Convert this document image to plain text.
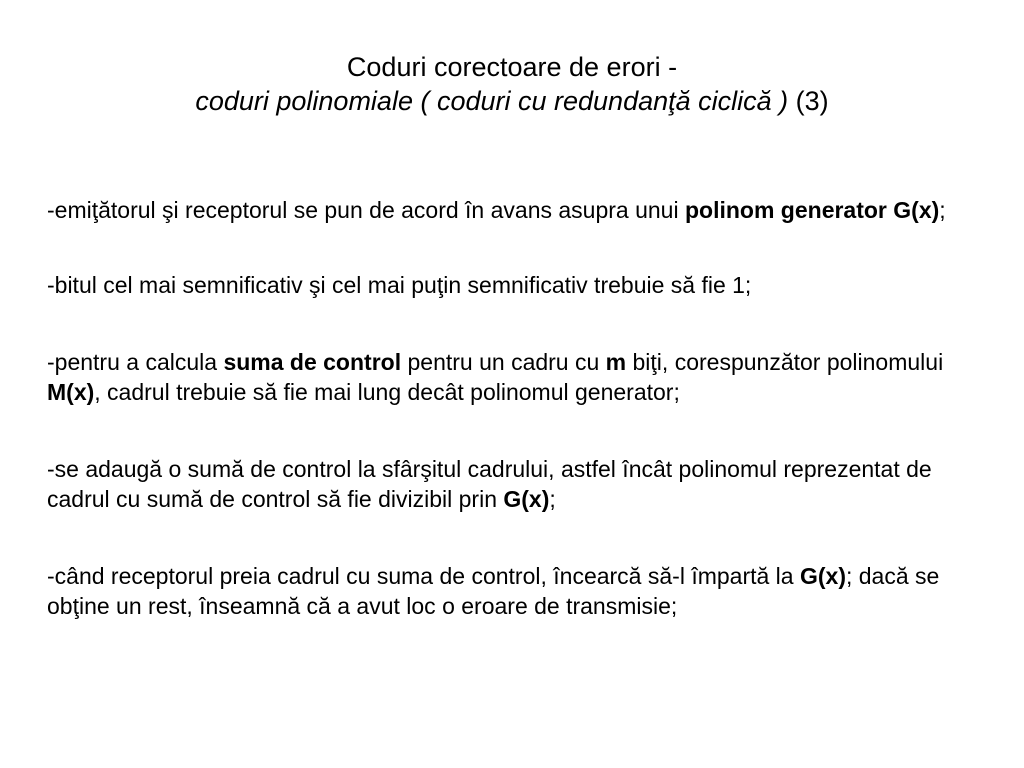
Coduri corectoare de erori -
coduri polinomiale ( coduri cu redundanţă ciclică ) (3)

-emiţătorul şi receptorul se pun de acord în avans asupra unui polinom generator G(x);

-bitul cel mai semnificativ şi cel mai puţin semnificativ trebuie să fie 1;

-pentru a calcula suma de control pentru un cadru cu m biţi, corespunzător polinomului M(x), cadrul trebuie să fie mai lung decât polinomul generator;

-se adaugă o sumă de control la sfârşitul cadrului, astfel încât polinomul reprezentat de cadrul cu sumă de control să fie divizibil prin G(x);

-când receptorul preia cadrul cu suma de control, încearcă să-l împartă la G(x); dacă se obţine un rest, înseamnă că a avut loc o eroare de transmisie;
